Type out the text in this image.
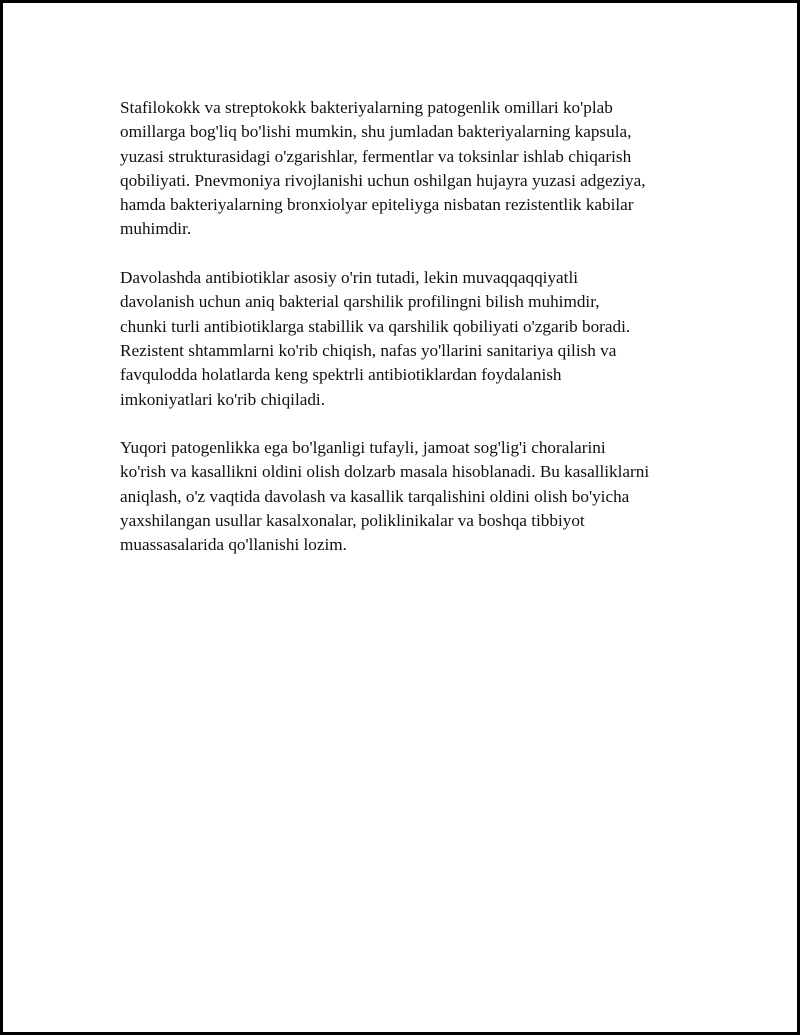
Stafilokokk va streptokokk bakteriyalarning patogenlik omillari ko'plab
omillarga bog'liq bo'lishi mumkin, shu jumladan bakteriyalarning kapsula,
yuzasi strukturasidagi o'zgarishlar, fermentlar va toksinlar ishlab chiqarish
qobiliyati. Pnevmoniya rivojlanishi uchun oshilgan hujayra yuzasi adgeziya,
hamda bakteriyalarning bronxiolyar epiteliyga nisbatan rezistentlik kabilar
muhimdir.

Davolashda antibiotiklar asosiy o'rin tutadi, lekin muvaqqaqqiyatli
davolanish uchun aniq bakterial qarshilik profilingni bilish muhimdir,
chunki turli antibiotiklarga stabillik va qarshilik qobiliyati o'zgarib boradi.
Rezistent shtammlarni ko'rib chiqish, nafas yo'llarini sanitariya qilish va
favqulodda holatlarda keng spektrli antibiotiklardan foydalanish
imkoniyatlari ko'rib chiqiladi.

Yuqori patogenlikka ega bo'lganligi tufayli, jamoat sog'lig'i choralarini
ko'rish va kasallikni oldini olish dolzarb masala hisoblanadi. Bu kasalliklarni
aniqlash, o'z vaqtida davolash va kasallik tarqalishini oldini olish bo'yicha
yaxshilangan usullar kasalxonalar, poliklinikalar va boshqa tibbiyot
muassasalarida qo'llanishi lozim.
